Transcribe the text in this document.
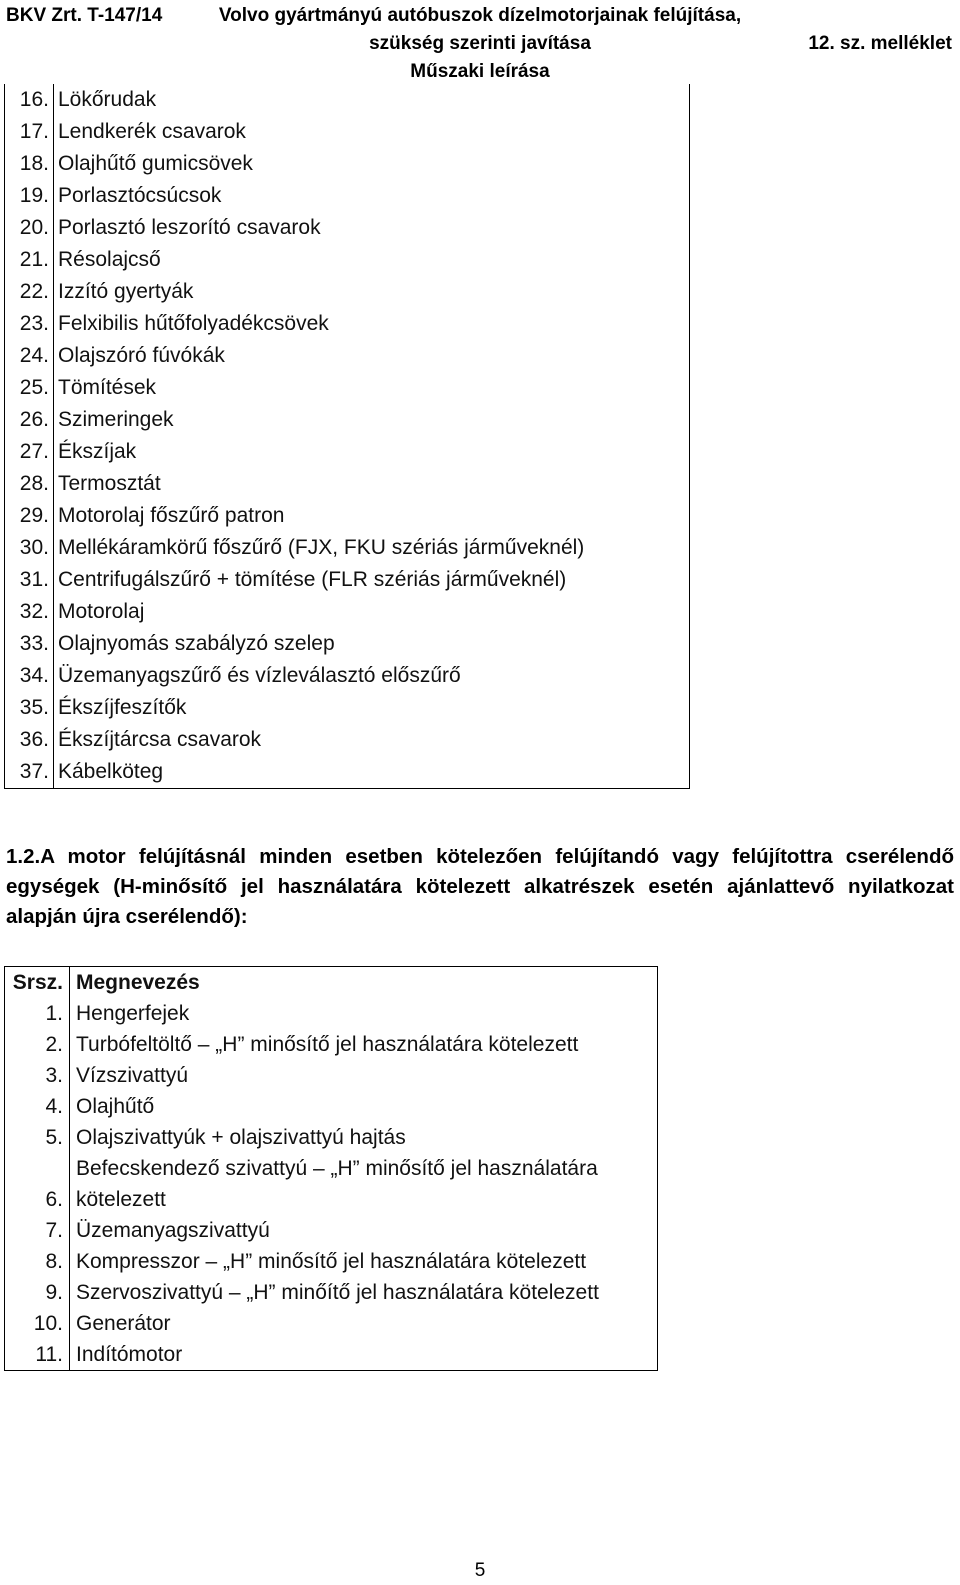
BKV Zrt. T-147/14	Volvo gyártmányú autóbuszok dízelmotorjainak felújítása,
szükség szerinti javítása
Műszaki leírása
12. sz. melléklet
16.	Lökőrudak
17.	Lendkerék csavarok
18.	Olajhűtő gumicsövek
19.	Porlasztócsúcsok
20.	Porlasztó leszorító csavarok
21.	Résolajcső
22.	Izzító gyertyák
23.	Felxibilis hűtőfolyadékcsövek
24.	Olajszóró fúvókák
25.	Tömítések
26.	Szimeringek
27.	Ékszíjak
28.	Termosztát
29.	Motorolaj főszűrő patron
30.	Mellékáramkörű főszűrő (FJX, FKU szériás járműveknél)
31.	Centrifugálszűrő + tömítése (FLR szériás járműveknél)
32.	Motorolaj
33.	Olajnyomás szabályzó szelep
34.	Üzemanyagszűrő és vízleválasztó előszűrő
35.	Ékszíjfeszítők
36.	Ékszíjtárcsa csavarok
37.	Kábelköteg
1.2.A motor felújításnál minden esetben kötelezően felújítandó vagy felújítottra cserélendő egységek (H-minősítő jel használatára kötelezett alkatrészek esetén ajánlattevő nyilatkozat alapján újra cserélendő):
Srsz.	Megnevezés
1.	Hengerfejek
2.	Turbófeltöltő – „H” minősítő jel használatára kötelezett
3.	Vízszivattyú
4.	Olajhűtő
5.	Olajszivattyúk + olajszivattyú hajtás
6.	Befecskendező szivattyú – „H” minősítő jel használatára kötelezett
7.	Üzemanyagszivattyú
8.	Kompresszor – „H” minősítő jel használatára kötelezett
9.	Szervoszivattyú – „H” minőítő jel használatára kötelezett
10.	Generátor
11.	Indítómotor
5
